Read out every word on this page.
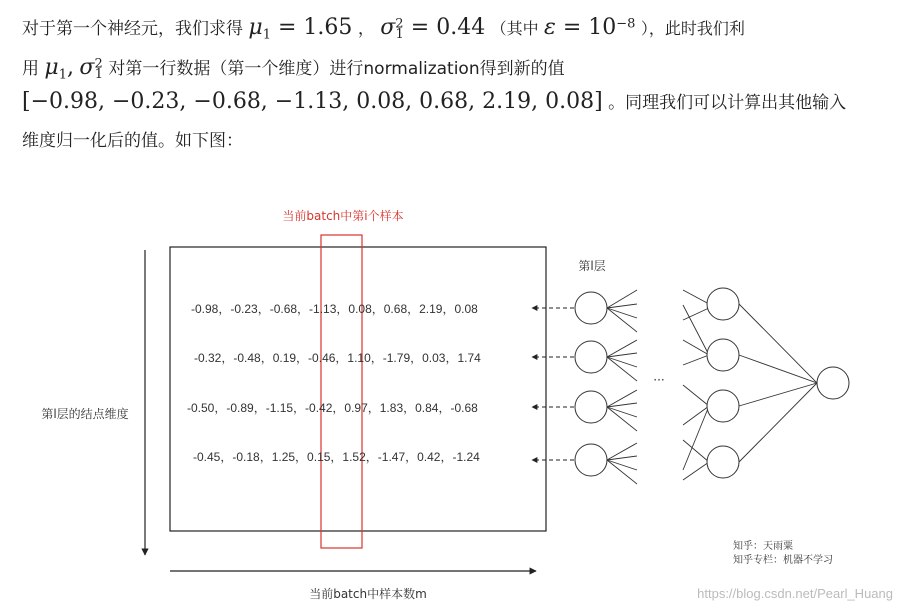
对于第一个神经元，我们求得 $\mu_1 = 1.65$ ， $\sigma^2_1 = 0.44$ （其中 $\varepsilon = 10^{-8}$ ），此时我们利
用 $\mu_1$, $\sigma^2_1$ 对第一行数据（第一个维度）进行normalization得到新的值
[−0.98, −0.23, −0.68, −1.13, 0.08, 0.68, 2.19, 0.08] 。同理我们可以计算出其他输入
维度归一化后的值。如下图：
当前batch中第i个样本
-0.98，-0.23，-0.68，-1.13，0.08，0.68，2.19，0.08
-0.32，-0.48，0.19，-0.46，1.10，-1.79，0.03，1.74
-0.50，-0.89，-1.15，-0.42，0.97，1.83，0.84，-0.68
-0.45，-0.18，1.25，0.15，1.52，-1.47，0.42，-1.24
第l层的结点维度
当前batch中样本数m
第l层
···
知乎：天雨粟
知乎专栏：机器不学习
https://blog.csdn.net/Pearl_Huang
